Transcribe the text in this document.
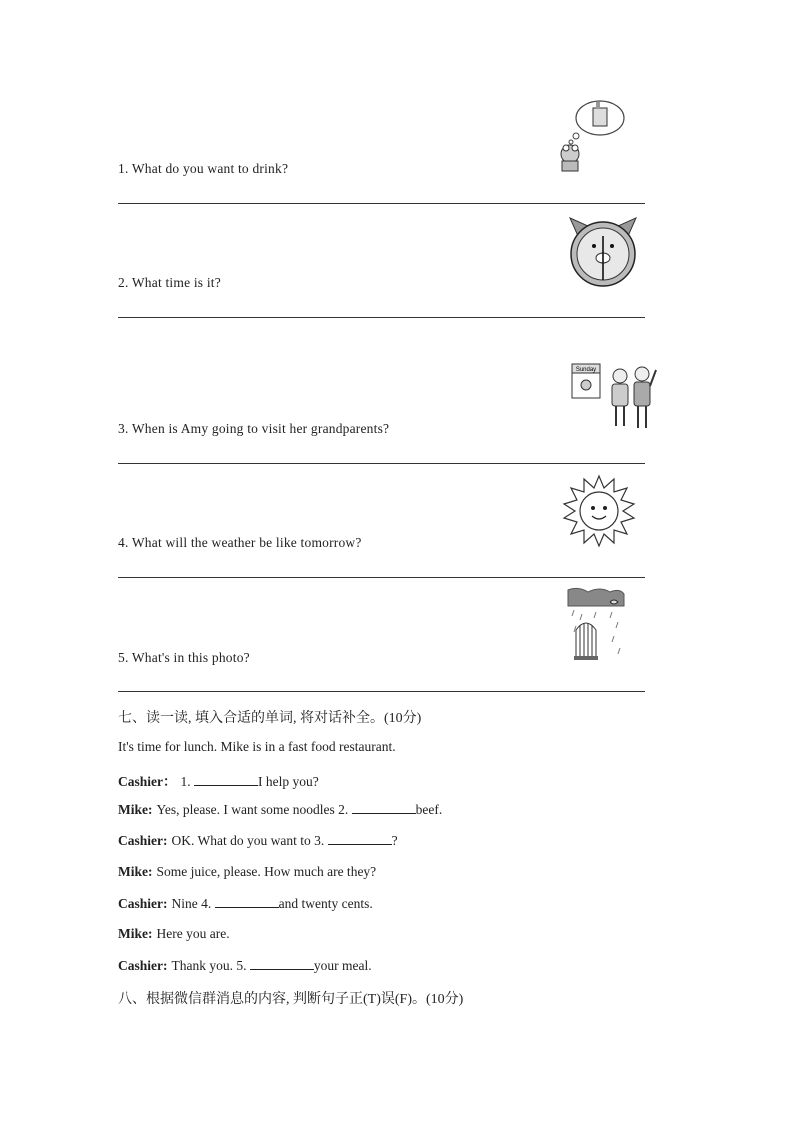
1. What do you want to drink?
2. What time is it?
Sunday
3. When is Amy going to visit her grandparents?
4. What will the weather be like tomorrow?
5. What's in this photo?
七、读一读, 填入合适的单词, 将对话补全。(10分)
It's time for lunch. Mike is in a fast food restaurant.
Cashier： 1.	I help you?
Mike: Yes, please. I want some noodles 2.	beef.
Cashier: OK. What do you want to 3.	?
Mike: Some juice, please. How much are they?
Cashier: Nine 4.	and twenty cents.
Mike: Here you are.
Cashier: Thank you. 5.	your meal.
八、根据微信群消息的内容, 判断句子正(T)误(F)。(10分)
